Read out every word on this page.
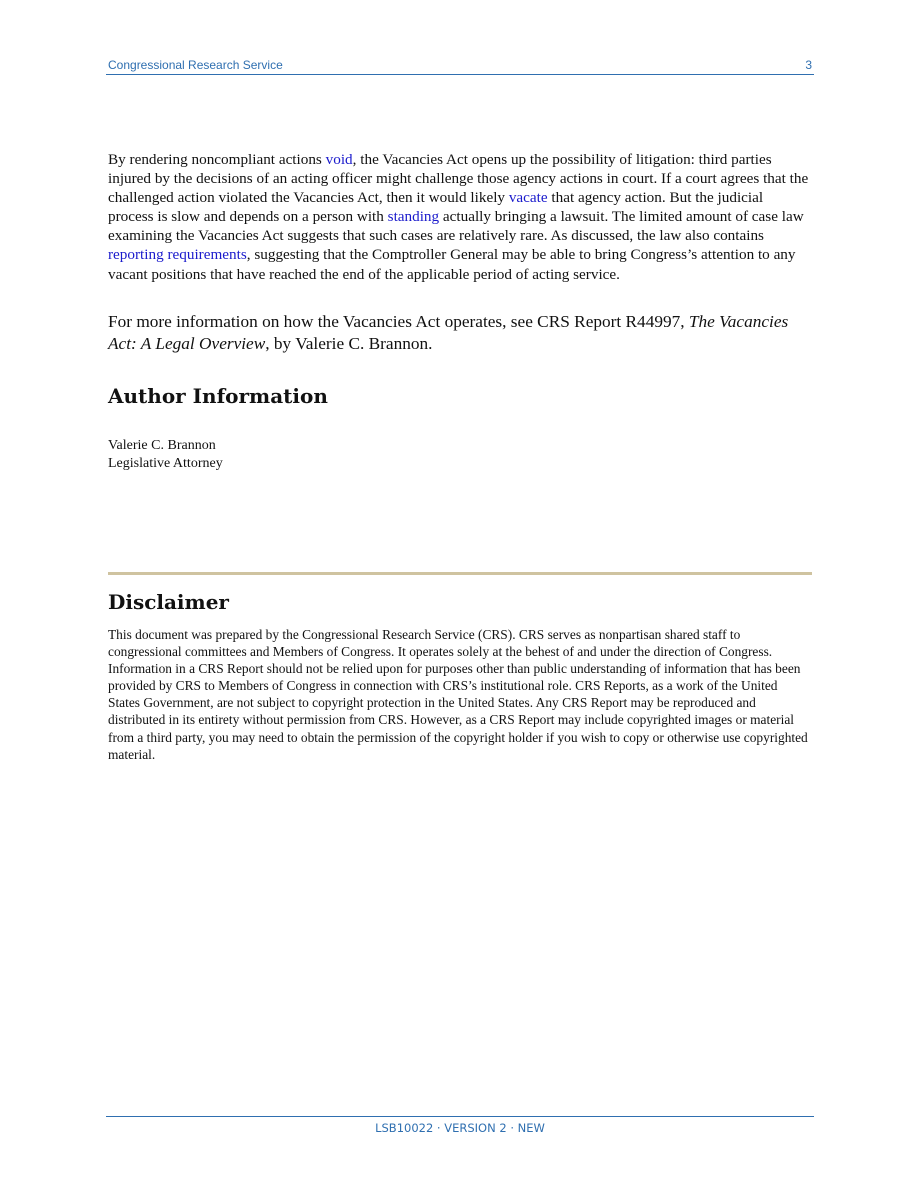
Congressional Research Service	3

By rendering noncompliant actions void, the Vacancies Act opens up the possibility of litigation: third parties injured by the decisions of an acting officer might challenge those agency actions in court. If a court agrees that the challenged action violated the Vacancies Act, then it would likely vacate that agency action. But the judicial process is slow and depends on a person with standing actually bringing a lawsuit. The limited amount of case law examining the Vacancies Act suggests that such cases are relatively rare. As discussed, the law also contains reporting requirements, suggesting that the Comptroller General may be able to bring Congress’s attention to any vacant positions that have reached the end of the applicable period of acting service.

For more information on how the Vacancies Act operates, see CRS Report R44997, The Vacancies Act: A Legal Overview, by Valerie C. Brannon.

Author Information
Valerie C. Brannon
Legislative Attorney
Disclaimer

This document was prepared by the Congressional Research Service (CRS). CRS serves as nonpartisan shared staff to congressional committees and Members of Congress. It operates solely at the behest of and under the direction of Congress. Information in a CRS Report should not be relied upon for purposes other than public understanding of information that has been provided by CRS to Members of Congress in connection with CRS’s institutional role. CRS Reports, as a work of the United States Government, are not subject to copyright protection in the United States. Any CRS Report may be reproduced and distributed in its entirety without permission from CRS. However, as a CRS Report may include copyrighted images or material from a third party, you may need to obtain the permission of the copyright holder if you wish to copy or otherwise use copyrighted material.

LSB10022 · VERSION 2 · NEW
